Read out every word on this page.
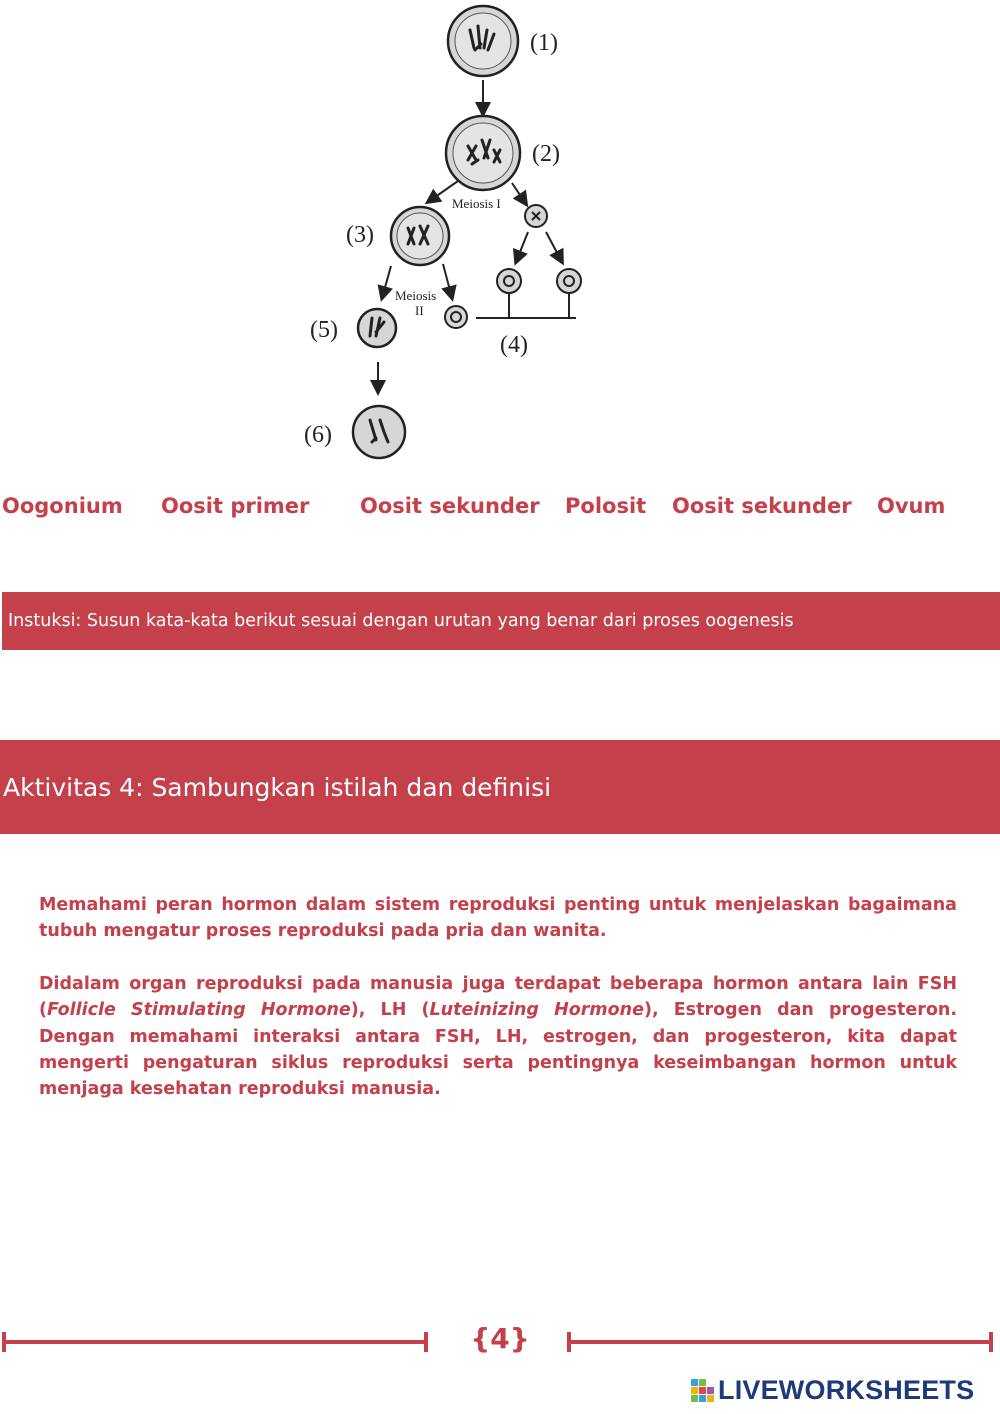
(1)
(2)
Meiosis I
(3)
Meiosis
II
(4)
(5)
(6)
Oogonium Oosit primer Oosit sekunder Polosit Oosit sekunder Ovum
Instuksi: Susun kata-kata berikut sesuai dengan urutan yang benar dari proses oogenesis
Aktivitas 4: Sambungkan istilah dan definisi

Memahami peran hormon dalam sistem reproduksi penting untuk menjelaskan bagaimana tubuh mengatur proses reproduksi pada pria dan wanita.

Didalam organ reproduksi pada manusia juga terdapat beberapa hormon antara lain FSH (Follicle Stimulating Hormone), LH (Luteinizing Hormone), Estrogen dan progesteron. Dengan memahami interaksi antara FSH, LH, estrogen, dan progesteron, kita dapat mengerti pengaturan siklus reproduksi serta pentingnya keseimbangan hormon untuk menjaga kesehatan reproduksi manusia.

{4}
LIVEWORKSHEETS
